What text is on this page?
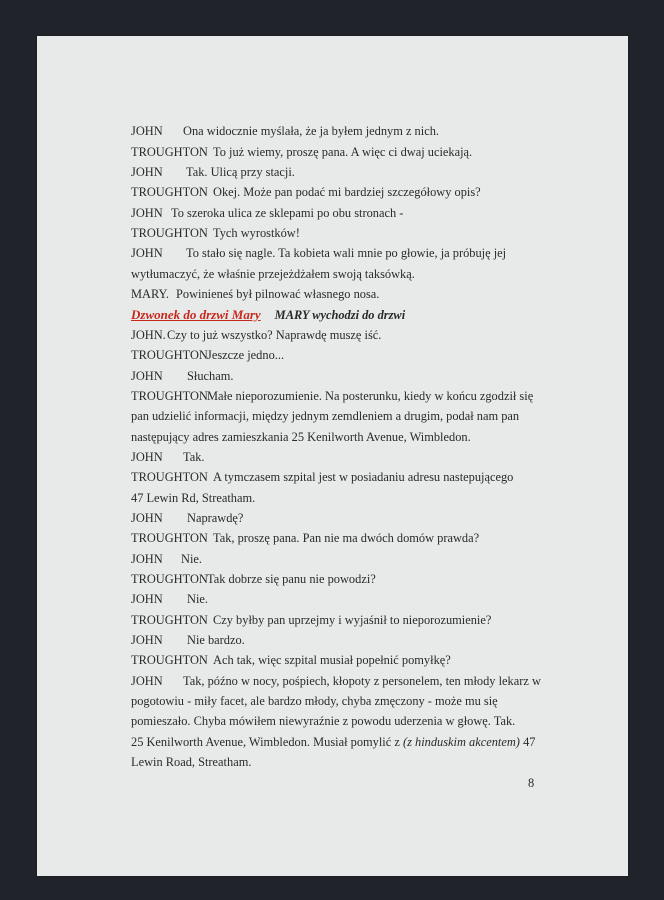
JOHN Ona widocznie myślała, że ja byłem jednym z nich.
TROUGHTON To już wiemy, proszę pana. A więc ci dwaj uciekają.
JOHN Tak. Ulicą przy stacji.
TROUGHTON Okej. Może pan podać mi bardziej szczegółowy opis?
JOHN To szeroka ulica ze sklepami po obu stronach -
TROUGHTON Tych wyrostków!
JOHN To stało się nagle. Ta kobieta wali mnie po głowie, ja próbuję jej
wytłumaczyć, że właśnie przejeżdżałem swoją taksówką.
MARY. Powinieneś był pilnować własnego nosa.
Dzwonek do drzwi Mary MARY wychodzi do drzwi
JOHN.Czy to już wszystko? Naprawdę muszę iść.
TROUGHTONJeszcze jedno...
JOHN Słucham.
TROUGHTONMałe nieporozumienie. Na posterunku, kiedy w końcu zgodził się
pan udzielić informacji, między jednym zemdleniem a drugim, podał nam pan
następujący adres zamieszkania 25 Kenilworth Avenue, Wimbledon.
JOHN Tak.
TROUGHTON A tymczasem szpital jest w posiadaniu adresu nastepującego
47 Lewin Rd, Streatham.
JOHN Naprawdę?
TROUGHTON Tak, proszę pana. Pan nie ma dwóch domów prawda?
JOHN Nie.
TROUGHTONTak dobrze się panu nie powodzi?
JOHN Nie.
TROUGHTON Czy byłby pan uprzejmy i wyjaśnił to nieporozumienie?
JOHN Nie bardzo.
TROUGHTON Ach tak, więc szpital musiał popełnić pomyłkę?
JOHN Tak, późno w nocy, pośpiech, kłopoty z personelem, ten młody lekarz w
pogotowiu - miły facet, ale bardzo młody, chyba zmęczony - może mu się
pomieszało. Chyba mówiłem niewyraźnie z powodu uderzenia w głowę. Tak.
25 Kenilworth Avenue, Wimbledon. Musiał pomylić z (z hinduskim akcentem) 47
Lewin Road, Streatham.
8
